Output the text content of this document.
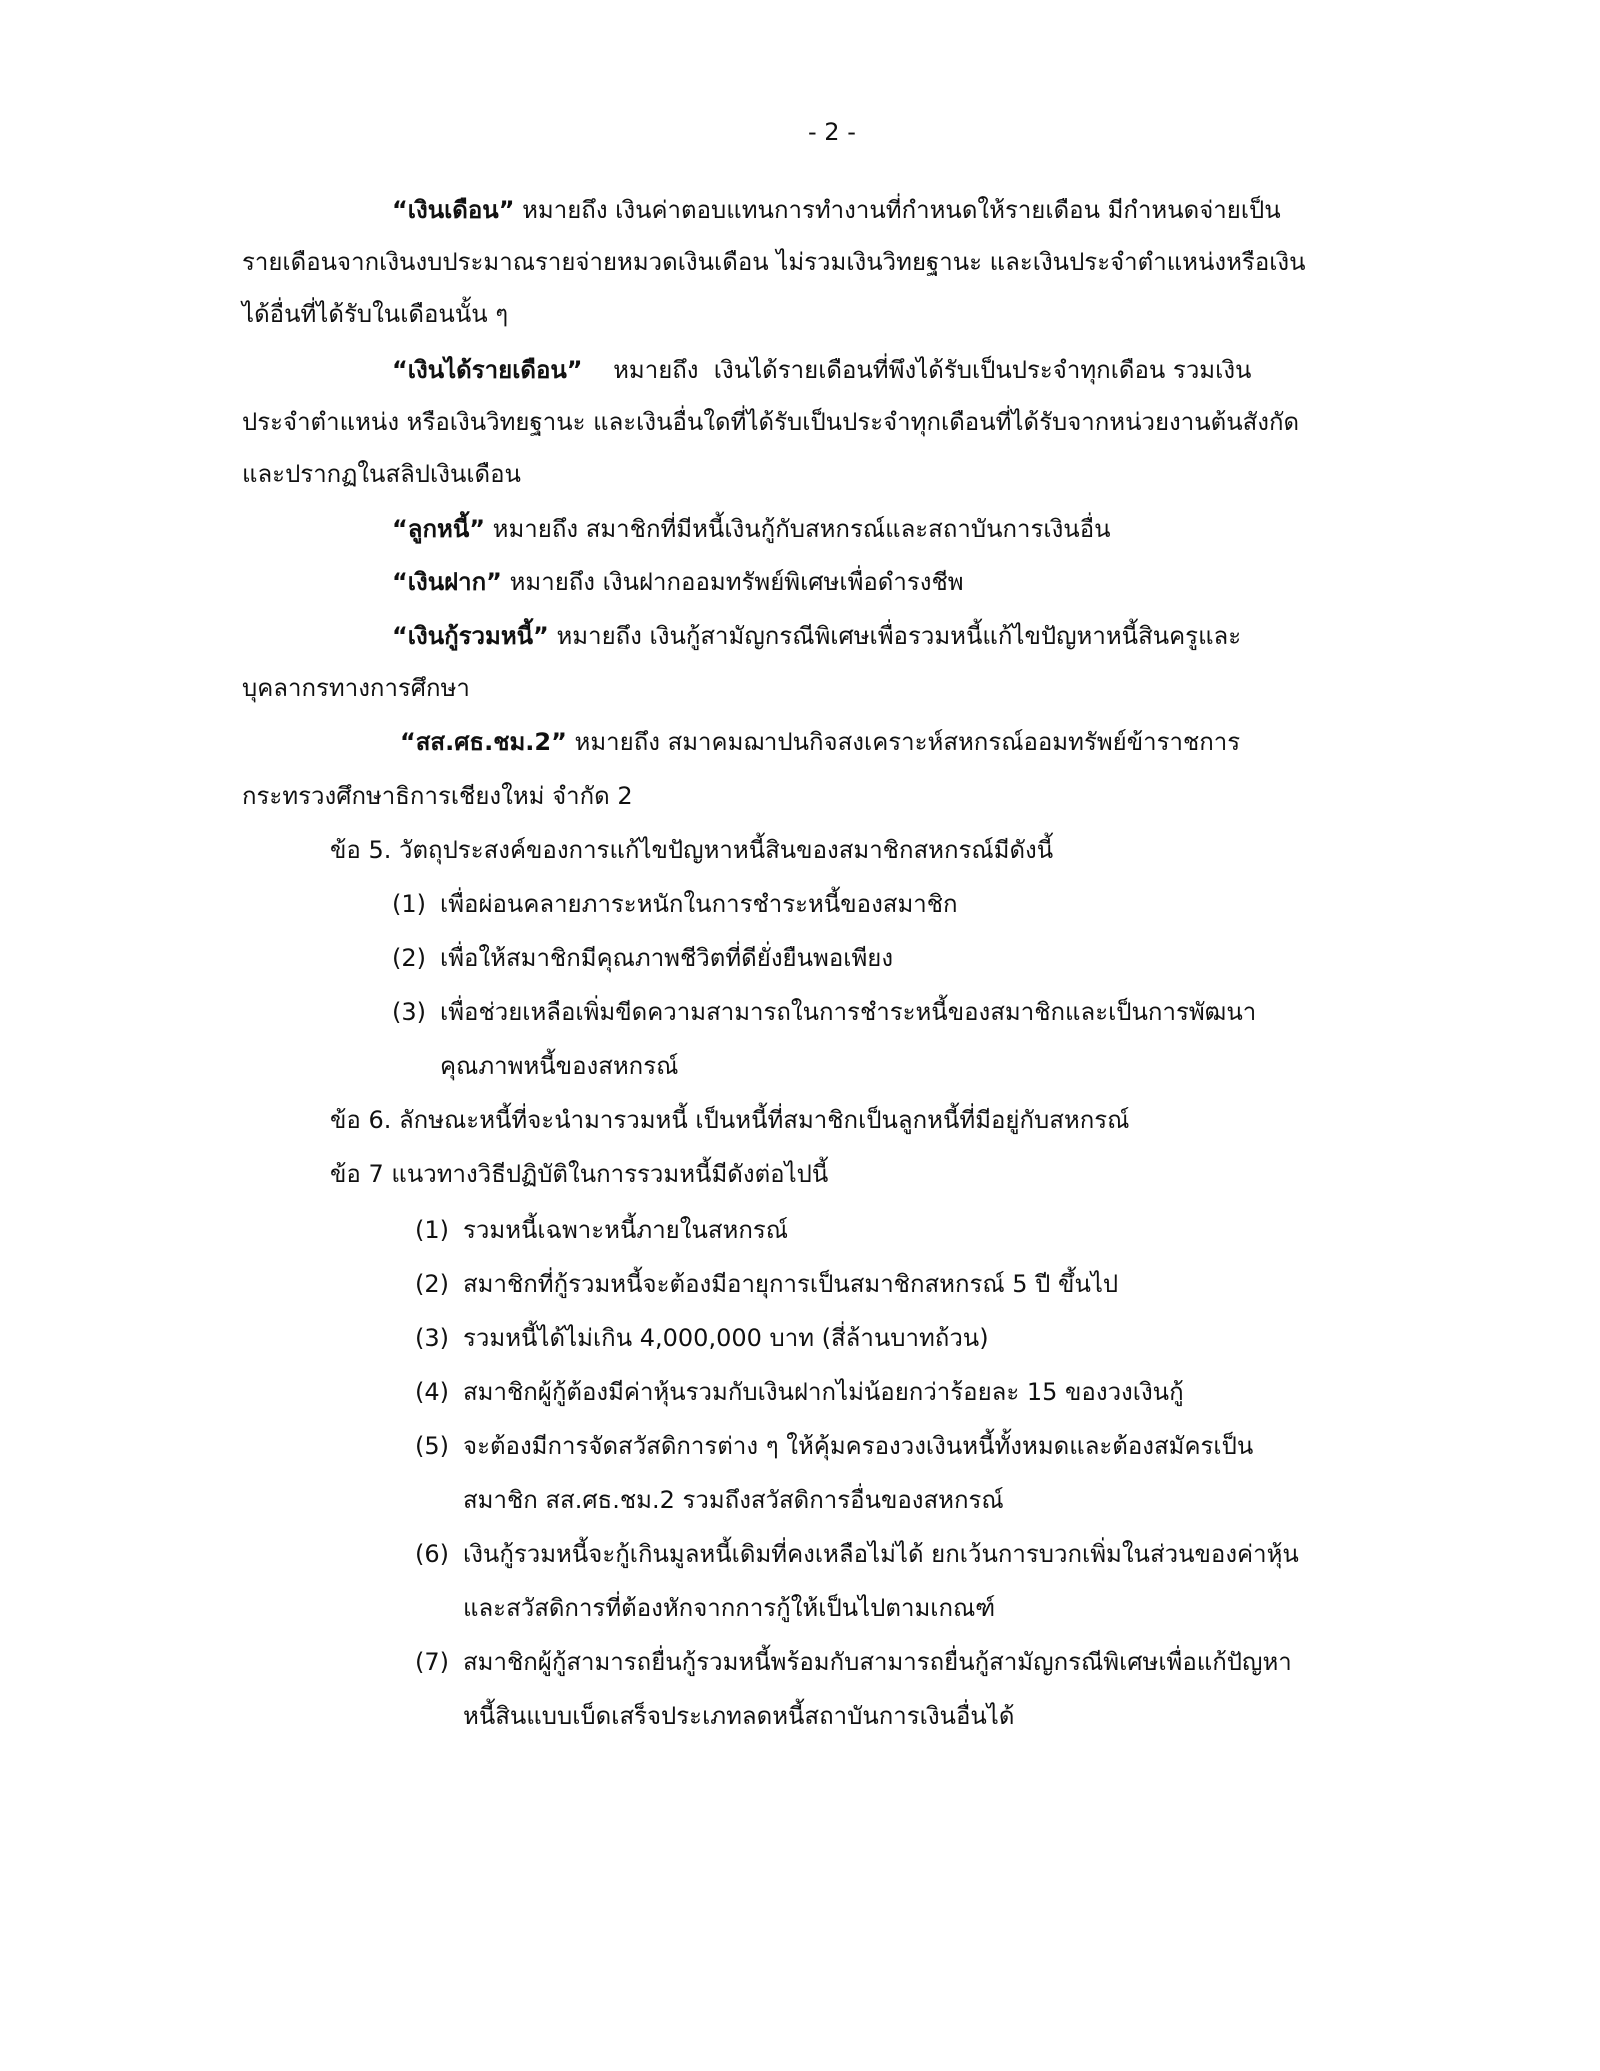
- 2 -
“เงินเดือน” หมายถึง เงินค่าตอบแทนการทำงานที่กำหนดให้รายเดือน มีกำหนดจ่ายเป็น
รายเดือนจากเงินงบประมาณรายจ่ายหมวดเงินเดือน ไม่รวมเงินวิทยฐานะ และเงินประจำตำแหน่งหรือเงิน
ได้อื่นที่ได้รับในเดือนนั้น ๆ
“เงินได้รายเดือน”    หมายถึง  เงินได้รายเดือนที่พึงได้รับเป็นประจำทุกเดือน รวมเงิน
ประจำตำแหน่ง หรือเงินวิทยฐานะ และเงินอื่นใดที่ได้รับเป็นประจำทุกเดือนที่ได้รับจากหน่วยงานต้นสังกัด
และปรากฏในสลิปเงินเดือน
“ลูกหนี้” หมายถึง สมาชิกที่มีหนี้เงินกู้กับสหกรณ์และสถาบันการเงินอื่น
“เงินฝาก” หมายถึง เงินฝากออมทรัพย์พิเศษเพื่อดำรงชีพ
“เงินกู้รวมหนี้” หมายถึง เงินกู้สามัญกรณีพิเศษเพื่อรวมหนี้แก้ไขปัญหาหนี้สินครูและ
บุคลากรทางการศึกษา
“สส.ศธ.ชม.2” หมายถึง สมาคมฌาปนกิจสงเคราะห์สหกรณ์ออมทรัพย์ข้าราชการ
กระทรวงศึกษาธิการเชียงใหม่ จำกัด 2
ข้อ 5. วัตถุประสงค์ของการแก้ไขปัญหาหนี้สินของสมาชิกสหกรณ์มีดังนี้
(1) เพื่อผ่อนคลายภาระหนักในการชำระหนี้ของสมาชิก
(2) เพื่อให้สมาชิกมีคุณภาพชีวิตที่ดียั่งยืนพอเพียง
(3) เพื่อช่วยเหลือเพิ่มขีดความสามารถในการชำระหนี้ของสมาชิกและเป็นการพัฒนา
คุณภาพหนี้ของสหกรณ์
ข้อ 6. ลักษณะหนี้ที่จะนำมารวมหนี้ เป็นหนี้ที่สมาชิกเป็นลูกหนี้ที่มีอยู่กับสหกรณ์
ข้อ 7 แนวทางวิธีปฏิบัติในการรวมหนี้มีดังต่อไปนี้
(1) รวมหนี้เฉพาะหนี้ภายในสหกรณ์
(2) สมาชิกที่กู้รวมหนี้จะต้องมีอายุการเป็นสมาชิกสหกรณ์ 5 ปี ขึ้นไป
(3) รวมหนี้ได้ไม่เกิน 4,000,000 บาท (สี่ล้านบาทถ้วน)
(4) สมาชิกผู้กู้ต้องมีค่าหุ้นรวมกับเงินฝากไม่น้อยกว่าร้อยละ 15 ของวงเงินกู้
(5) จะต้องมีการจัดสวัสดิการต่าง ๆ ให้คุ้มครองวงเงินหนี้ทั้งหมดและต้องสมัครเป็น
สมาชิก สส.ศธ.ชม.2 รวมถึงสวัสดิการอื่นของสหกรณ์
(6) เงินกู้รวมหนี้จะกู้เกินมูลหนี้เดิมที่คงเหลือไม่ได้ ยกเว้นการบวกเพิ่มในส่วนของค่าหุ้น
และสวัสดิการที่ต้องหักจากการกู้ให้เป็นไปตามเกณฑ์
(7) สมาชิกผู้กู้สามารถยื่นกู้รวมหนี้พร้อมกับสามารถยื่นกู้สามัญกรณีพิเศษเพื่อแก้ปัญหา
หนี้สินแบบเบ็ดเสร็จประเภทลดหนี้สถาบันการเงินอื่นได้
